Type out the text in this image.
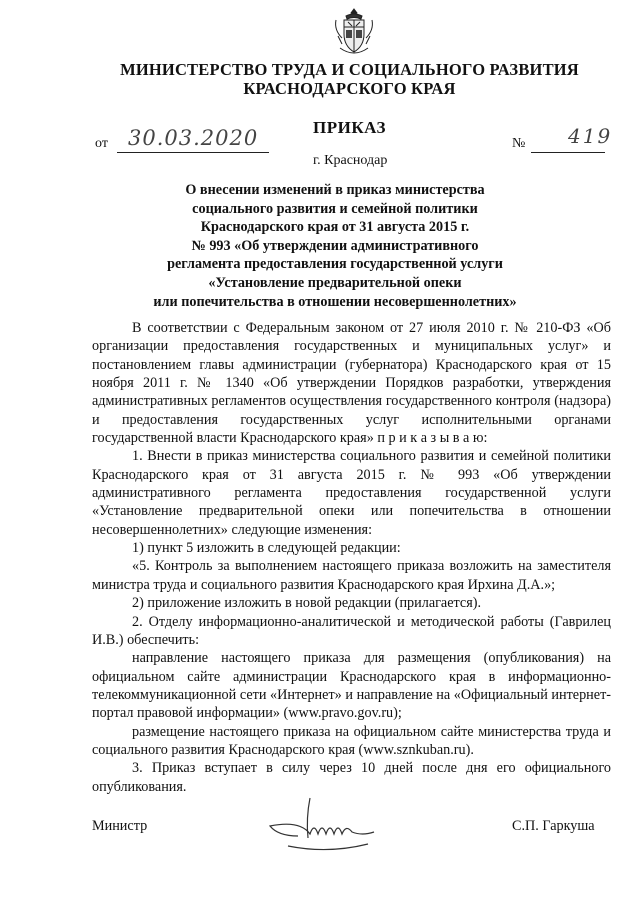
МИНИСТЕРСТВО ТРУДА И СОЦИАЛЬНОГО РАЗВИТИЯ
КРАСНОДАРСКОГО КРАЯ
ПРИКАЗ
от 30.03.2020	№ 419
г. Краснодар
О внесении изменений в приказ министерства
социального развития и семейной политики
Краснодарского края от 31 августа 2015 г.
№ 993 «Об утверждении административного
регламента предоставления государственной услуги
«Установление предварительной опеки
или попечительства в отношении несовершеннолетних»

В соответствии с Федеральным законом от 27 июля 2010 г. № 210-ФЗ «Об организации предоставления государственных и муниципальных услуг» и постановлением главы администрации (губернатора) Краснодарского края от 15 ноября 2011 г. № 1340 «Об утверждении Порядков разработки, утверждения административных регламентов осуществления государственного контроля (надзора) и предоставления государственных услуг исполнительными органами государственной власти Краснодарского края» п р и к а з ы в а ю:

1. Внести в приказ министерства социального развития и семейной политики Краснодарского края от 31 августа 2015 г. № 993 «Об утверждении административного регламента предоставления государственной услуги «Установление предварительной опеки или попечительства в отношении несовершеннолетних» следующие изменения:

1) пункт 5 изложить в следующей редакции:

«5. Контроль за выполнением настоящего приказа возложить на заместителя министра труда и социального развития Краснодарского края Ирхина Д.А.»;

2) приложение изложить в новой редакции (прилагается).

2. Отделу информационно-аналитической и методической работы (Гаврилец И.В.) обеспечить:

направление настоящего приказа для размещения (опубликования) на официальном сайте администрации Краснодарского края в информационно-телекоммуникационной сети «Интернет» и направление на «Официальный интернет-портал правовой информации» (www.pravo.gov.ru);

размещение настоящего приказа на официальном сайте министерства труда и социального развития Краснодарского края (www.sznkuban.ru).

3. Приказ вступает в силу через 10 дней после дня его официального опубликования.

Министр	С.П. Гаркуша
